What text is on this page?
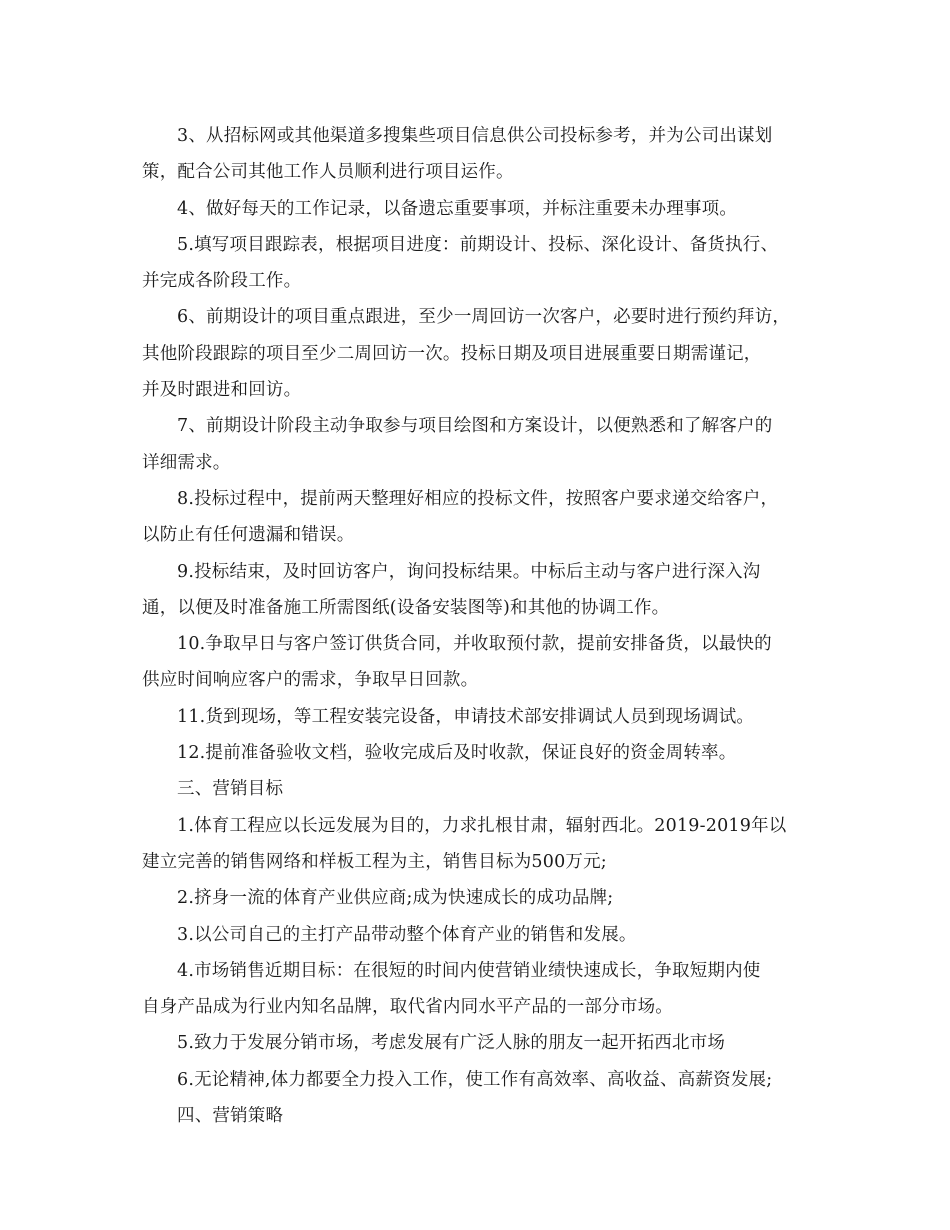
3、从招标网或其他渠道多搜集些项目信息供公司投标参考，并为公司出谋划
策，配合公司其他工作人员顺利进行项目运作。
4、做好每天的工作记录，以备遗忘重要事项，并标注重要未办理事项。
5.填写项目跟踪表，根据项目进度：前期设计、投标、深化设计、备货执行、
并完成各阶段工作。
6、前期设计的项目重点跟进，至少一周回访一次客户，必要时进行预约拜访，
其他阶段跟踪的项目至少二周回访一次。投标日期及项目进展重要日期需谨记，
并及时跟进和回访。
7、前期设计阶段主动争取参与项目绘图和方案设计，以便熟悉和了解客户的
详细需求。
8.投标过程中，提前两天整理好相应的投标文件，按照客户要求递交给客户，
以防止有任何遗漏和错误。
9.投标结束，及时回访客户，询问投标结果。中标后主动与客户进行深入沟
通，以便及时准备施工所需图纸(设备安装图等)和其他的协调工作。
10.争取早日与客户签订供货合同，并收取预付款，提前安排备货，以最快的
供应时间响应客户的需求，争取早日回款。
11.货到现场，等工程安装完设备，申请技术部安排调试人员到现场调试。
12.提前准备验收文档，验收完成后及时收款，保证良好的资金周转率。
三、营销目标
1.体育工程应以长远发展为目的，力求扎根甘肃，辐射西北。2019-2019年以
建立完善的销售网络和样板工程为主，销售目标为500万元;
2.挤身一流的体育产业供应商;成为快速成长的成功品牌;
3.以公司自己的主打产品带动整个体育产业的销售和发展。
4.市场销售近期目标：在很短的时间内使营销业绩快速成长，争取短期内使
自身产品成为行业内知名品牌，取代省内同水平产品的一部分市场。
5.致力于发展分销市场，考虑发展有广泛人脉的朋友一起开拓西北市场
6.无论精神,体力都要全力投入工作，使工作有高效率、高收益、高薪资发展;
四、营销策略
